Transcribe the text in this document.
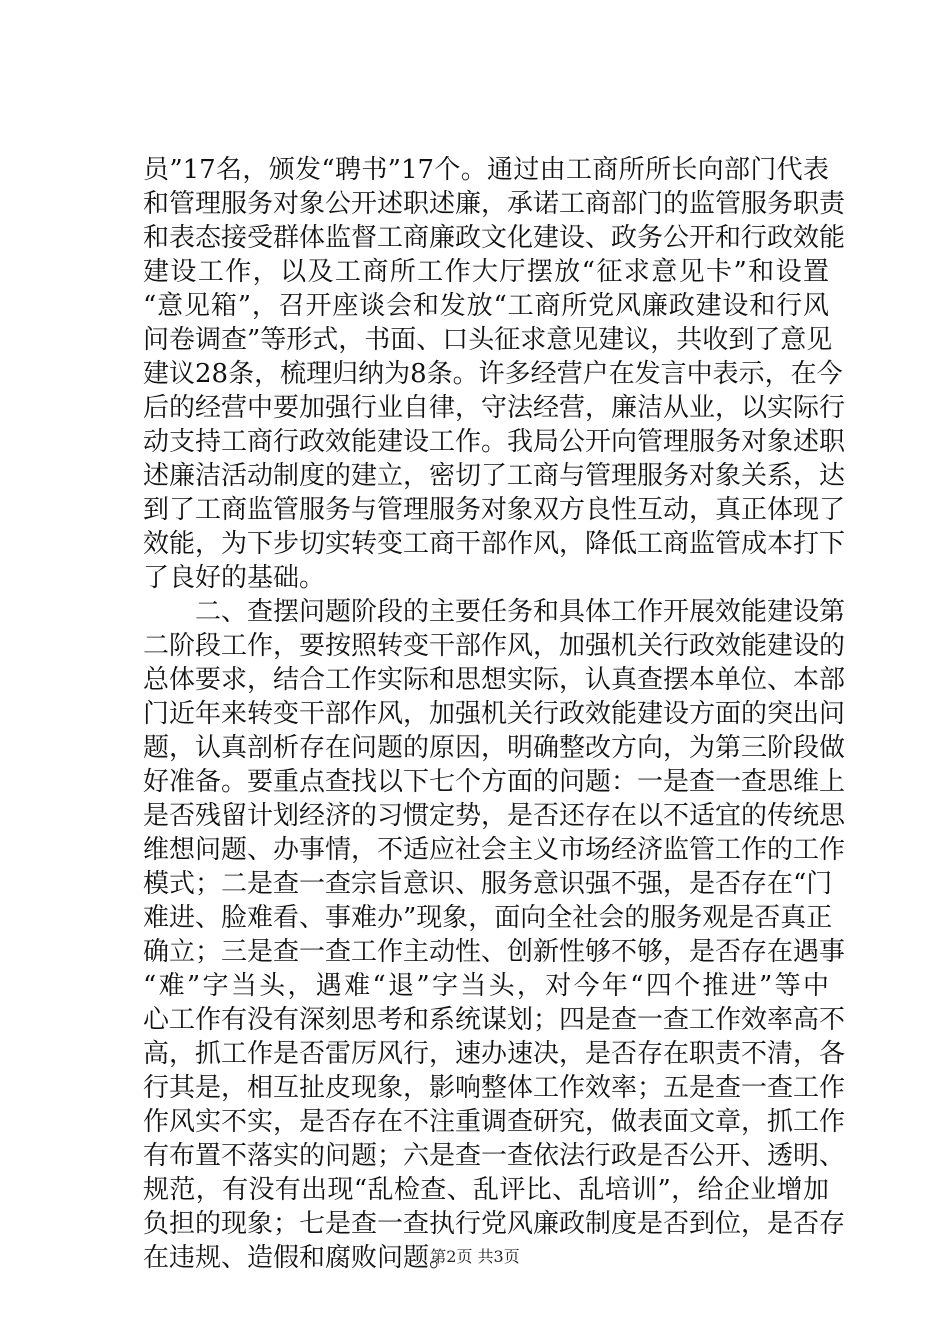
员”17名，颁发“聘书”17个。通过由工商所所长向部门代表
和管理服务对象公开述职述廉，承诺工商部门的监管服务职责
和表态接受群体监督工商廉政文化建设、政务公开和行政效能
建设工作，以及工商所工作大厅摆放“征求意见卡”和设置
“意见箱”，召开座谈会和发放“工商所党风廉政建设和行风
问卷调查”等形式，书面、口头征求意见建议，共收到了意见
建议28条，梳理归纳为8条。许多经营户在发言中表示，在今
后的经营中要加强行业自律，守法经营，廉洁从业，以实际行
动支持工商行政效能建设工作。我局公开向管理服务对象述职
述廉洁活动制度的建立，密切了工商与管理服务对象关系，达
到了工商监管服务与管理服务对象双方良性互动，真正体现了
效能，为下步切实转变工商干部作风，降低工商监管成本打下
了良好的基础。
二、查摆问题阶段的主要任务和具体工作开展效能建设第
二阶段工作，要按照转变干部作风，加强机关行政效能建设的
总体要求，结合工作实际和思想实际，认真查摆本单位、本部
门近年来转变干部作风，加强机关行政效能建设方面的突出问
题，认真剖析存在问题的原因，明确整改方向，为第三阶段做
好准备。要重点查找以下七个方面的问题：一是查一查思维上
是否残留计划经济的习惯定势，是否还存在以不适宜的传统思
维想问题、办事情，不适应社会主义市场经济监管工作的工作
模式；二是查一查宗旨意识、服务意识强不强，是否存在“门
难进、脸难看、事难办”现象，面向全社会的服务观是否真正
确立；三是查一查工作主动性、创新性够不够，是否存在遇事
“难”字当头，遇难“退”字当头，对今年“四个推进”等中
心工作有没有深刻思考和系统谋划；四是查一查工作效率高不
高，抓工作是否雷厉风行，速办速决，是否存在职责不清，各
行其是，相互扯皮现象，影响整体工作效率；五是查一查工作
作风实不实，是否存在不注重调查研究，做表面文章，抓工作
有布置不落实的问题；六是查一查依法行政是否公开、透明、
规范，有没有出现“乱检查、乱评比、乱培训”，给企业增加
负担的现象；七是查一查执行党风廉政制度是否到位，是否存
在违规、造假和腐败问题。
第2页 共3页
